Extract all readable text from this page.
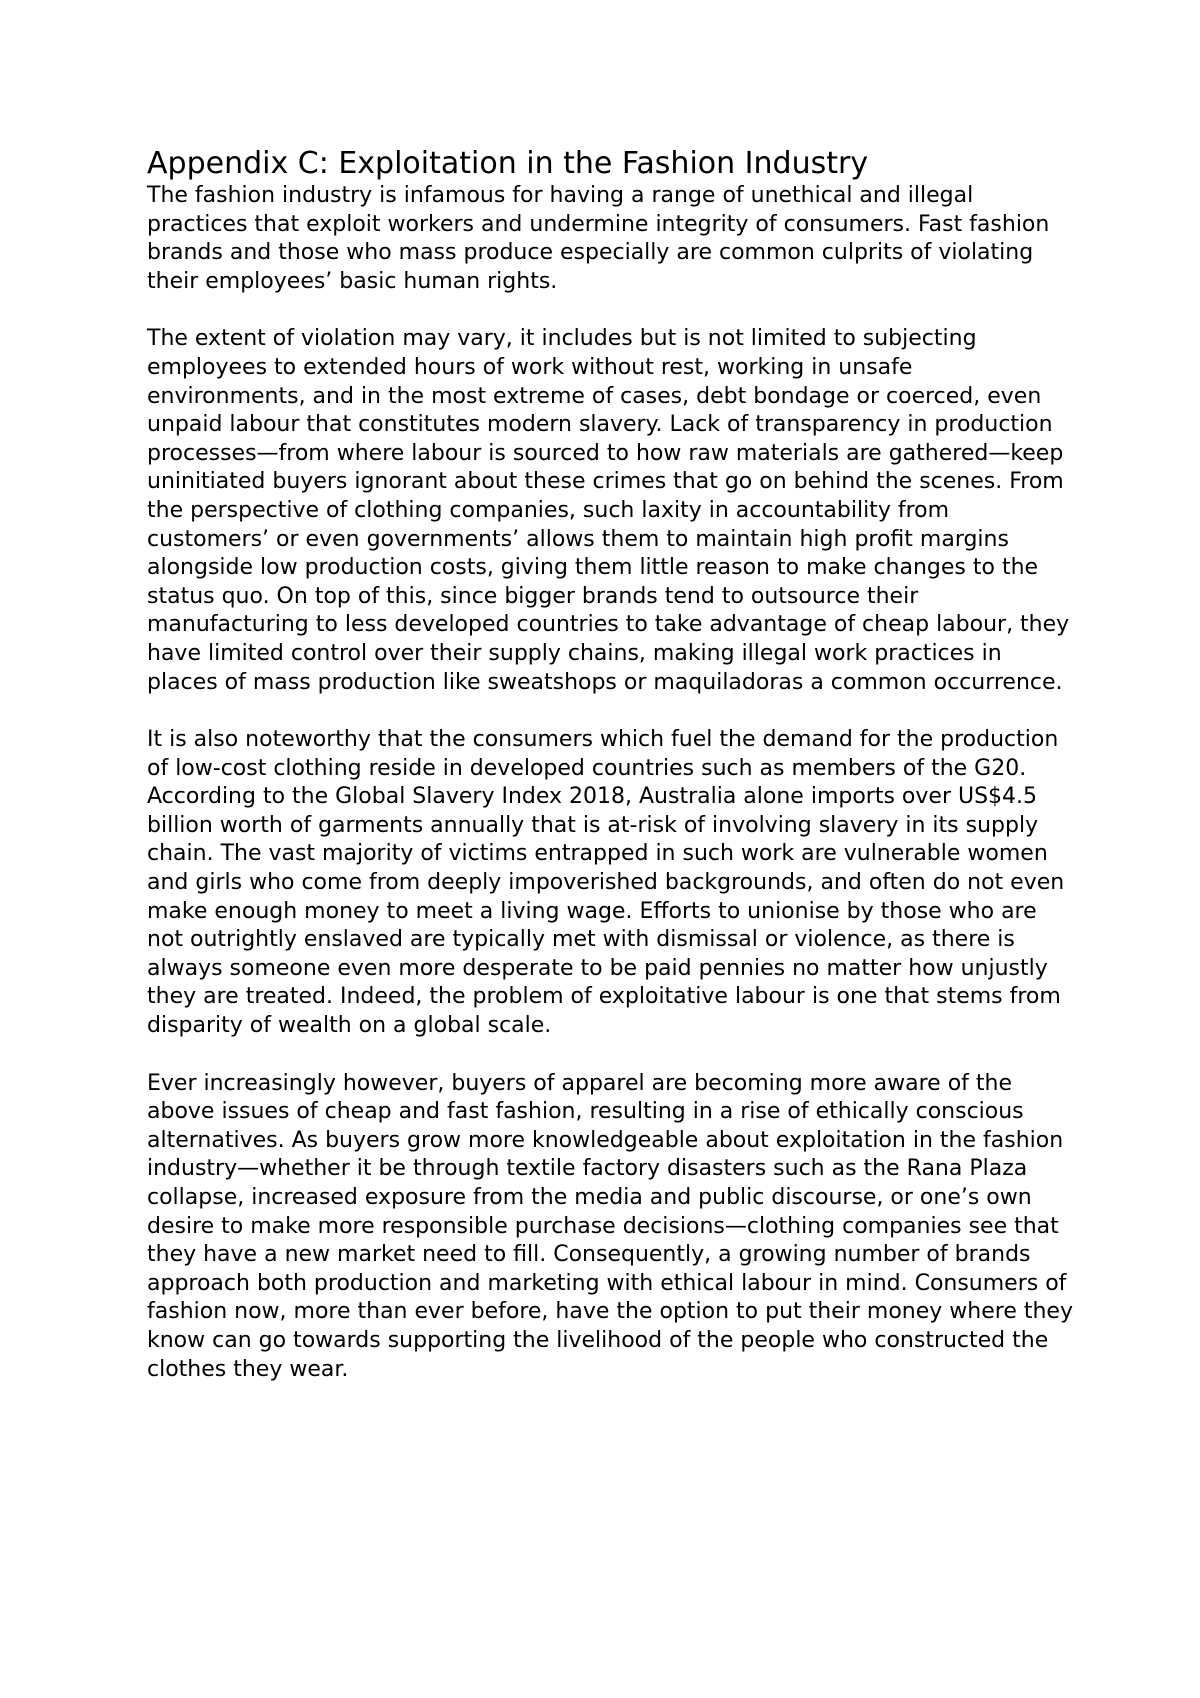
Appendix C: Exploitation in the Fashion Industry

The fashion industry is infamous for having a range of unethical and illegal practices that exploit workers and undermine integrity of consumers. Fast fashion brands and those who mass produce especially are common culprits of violating their employees’ basic human rights.

The extent of violation may vary, it includes but is not limited to subjecting employees to extended hours of work without rest, working in unsafe environments, and in the most extreme of cases, debt bondage or coerced, even unpaid labour that constitutes modern slavery. Lack of transparency in production processes—from where labour is sourced to how raw materials are gathered—keep uninitiated buyers ignorant about these crimes that go on behind the scenes. From the perspective of clothing companies, such laxity in accountability from customers’ or even governments’ allows them to maintain high profit margins alongside low production costs, giving them little reason to make changes to the status quo. On top of this, since bigger brands tend to outsource their manufacturing to less developed countries to take advantage of cheap labour, they have limited control over their supply chains, making illegal work practices in places of mass production like sweatshops or maquiladoras a common occurrence.

It is also noteworthy that the consumers which fuel the demand for the production of low-cost clothing reside in developed countries such as members of the G20. According to the Global Slavery Index 2018, Australia alone imports over US$4.5 billion worth of garments annually that is at-risk of involving slavery in its supply chain. The vast majority of victims entrapped in such work are vulnerable women and girls who come from deeply impoverished backgrounds, and often do not even make enough money to meet a living wage. Efforts to unionise by those who are not outrightly enslaved are typically met with dismissal or violence, as there is always someone even more desperate to be paid pennies no matter how unjustly they are treated. Indeed, the problem of exploitative labour is one that stems from disparity of wealth on a global scale.

Ever increasingly however, buyers of apparel are becoming more aware of the above issues of cheap and fast fashion, resulting in a rise of ethically conscious alternatives. As buyers grow more knowledgeable about exploitation in the fashion industry—whether it be through textile factory disasters such as the Rana Plaza collapse, increased exposure from the media and public discourse, or one’s own desire to make more responsible purchase decisions—clothing companies see that they have a new market need to fill. Consequently, a growing number of brands approach both production and marketing with ethical labour in mind. Consumers of fashion now, more than ever before, have the option to put their money where they know can go towards supporting the livelihood of the people who constructed the clothes they wear.
